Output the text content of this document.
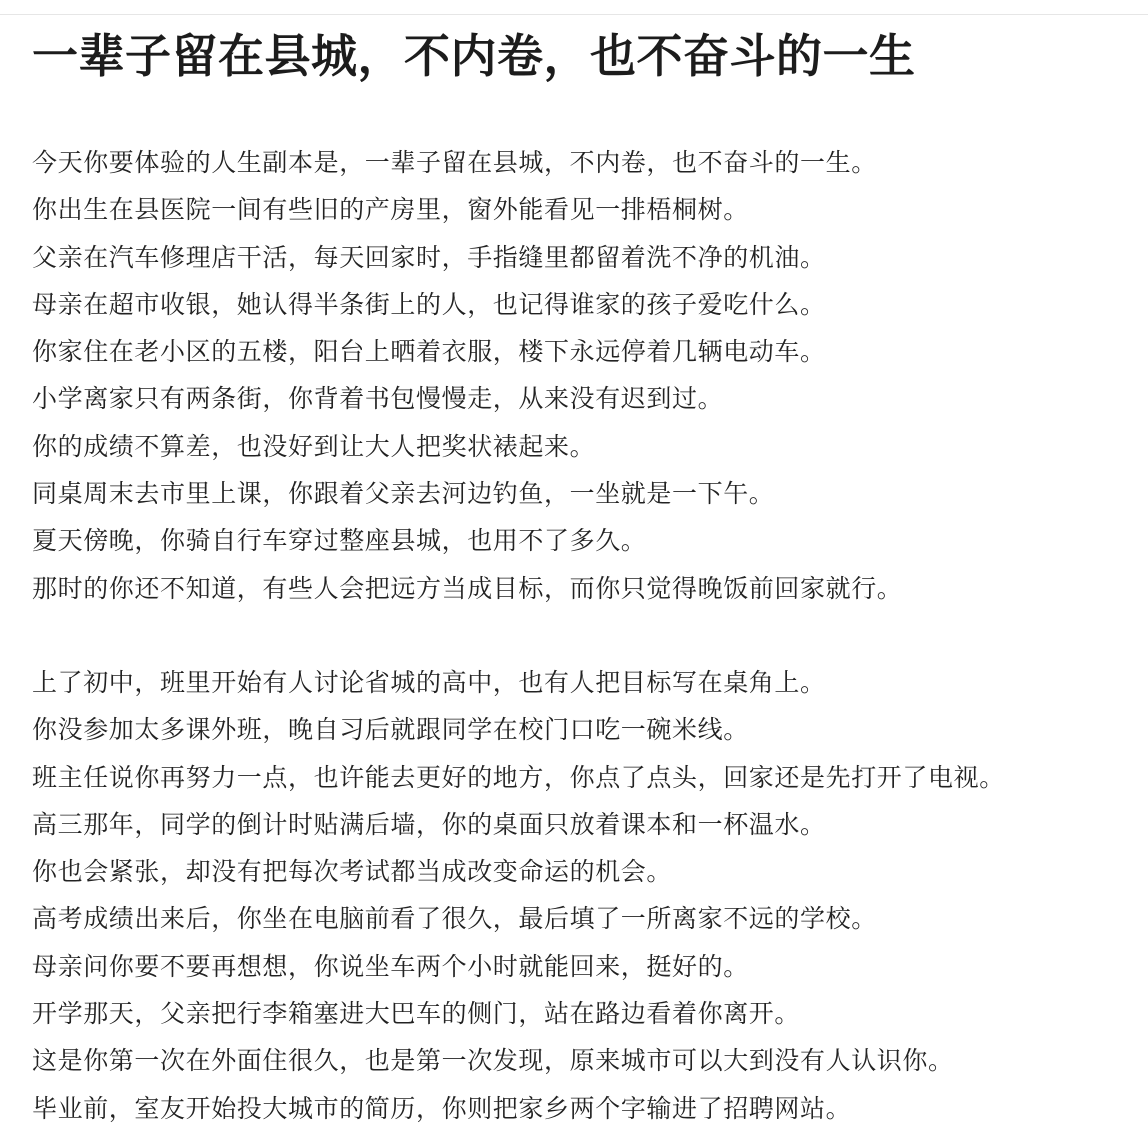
一辈子留在县城，不内卷，也不奋斗的一生

今天你要体验的人生副本是，一辈子留在县城，不内卷，也不奋斗的一生。
你出生在县医院一间有些旧的产房里，窗外能看见一排梧桐树。
父亲在汽车修理店干活，每天回家时，手指缝里都留着洗不净的机油。
母亲在超市收银，她认得半条街上的人，也记得谁家的孩子爱吃什么。
你家住在老小区的五楼，阳台上晒着衣服，楼下永远停着几辆电动车。
小学离家只有两条街，你背着书包慢慢走，从来没有迟到过。
你的成绩不算差，也没好到让大人把奖状裱起来。
同桌周末去市里上课，你跟着父亲去河边钓鱼，一坐就是一下午。
夏天傍晚，你骑自行车穿过整座县城，也用不了多久。
那时的你还不知道，有些人会把远方当成目标，而你只觉得晚饭前回家就行。

上了初中，班里开始有人讨论省城的高中，也有人把目标写在桌角上。
你没参加太多课外班，晚自习后就跟同学在校门口吃一碗米线。
班主任说你再努力一点，也许能去更好的地方，你点了点头，回家还是先打开了电视。
高三那年，同学的倒计时贴满后墙，你的桌面只放着课本和一杯温水。
你也会紧张，却没有把每次考试都当成改变命运的机会。
高考成绩出来后，你坐在电脑前看了很久，最后填了一所离家不远的学校。
母亲问你要不要再想想，你说坐车两个小时就能回来，挺好的。
开学那天，父亲把行李箱塞进大巴车的侧门，站在路边看着你离开。
这是你第一次在外面住很久，也是第一次发现，原来城市可以大到没有人认识你。
毕业前，室友开始投大城市的简历，你则把家乡两个字输进了招聘网站。
